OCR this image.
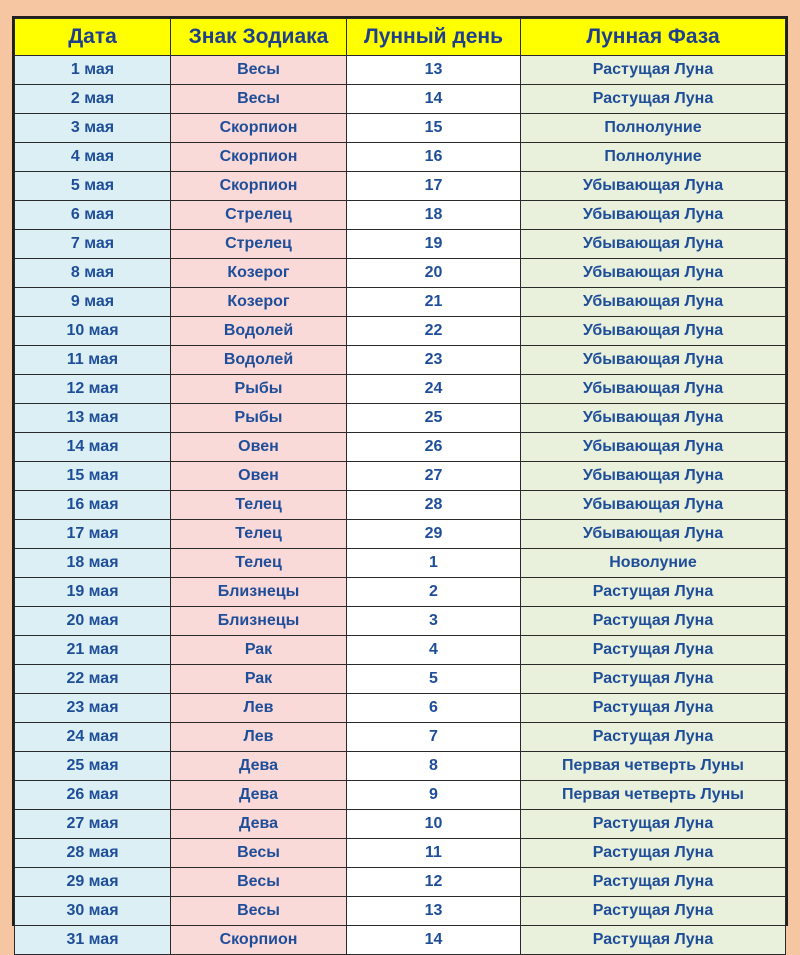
Дата	Знак Зодиака	Лунный день	Лунная Фаза
1 мая	Весы	13	Растущая Луна
2 мая	Весы	14	Растущая Луна
3 мая	Скорпион	15	Полнолуние
4 мая	Скорпион	16	Полнолуние
5 мая	Скорпион	17	Убывающая Луна
6 мая	Стрелец	18	Убывающая Луна
7 мая	Стрелец	19	Убывающая Луна
8 мая	Козерог	20	Убывающая Луна
9 мая	Козерог	21	Убывающая Луна
10 мая	Водолей	22	Убывающая Луна
11 мая	Водолей	23	Убывающая Луна
12 мая	Рыбы	24	Убывающая Луна
13 мая	Рыбы	25	Убывающая Луна
14 мая	Овен	26	Убывающая Луна
15 мая	Овен	27	Убывающая Луна
16 мая	Телец	28	Убывающая Луна
17 мая	Телец	29	Убывающая Луна
18 мая	Телец	1	Новолуние
19 мая	Близнецы	2	Растущая Луна
20 мая	Близнецы	3	Растущая Луна
21 мая	Рак	4	Растущая Луна
22 мая	Рак	5	Растущая Луна
23 мая	Лев	6	Растущая Луна
24 мая	Лев	7	Растущая Луна
25 мая	Дева	8	Первая четверть Луны
26 мая	Дева	9	Первая четверть Луны
27 мая	Дева	10	Растущая Луна
28 мая	Весы	11	Растущая Луна
29 мая	Весы	12	Растущая Луна
30 мая	Весы	13	Растущая Луна
31 мая	Скорпион	14	Растущая Луна
